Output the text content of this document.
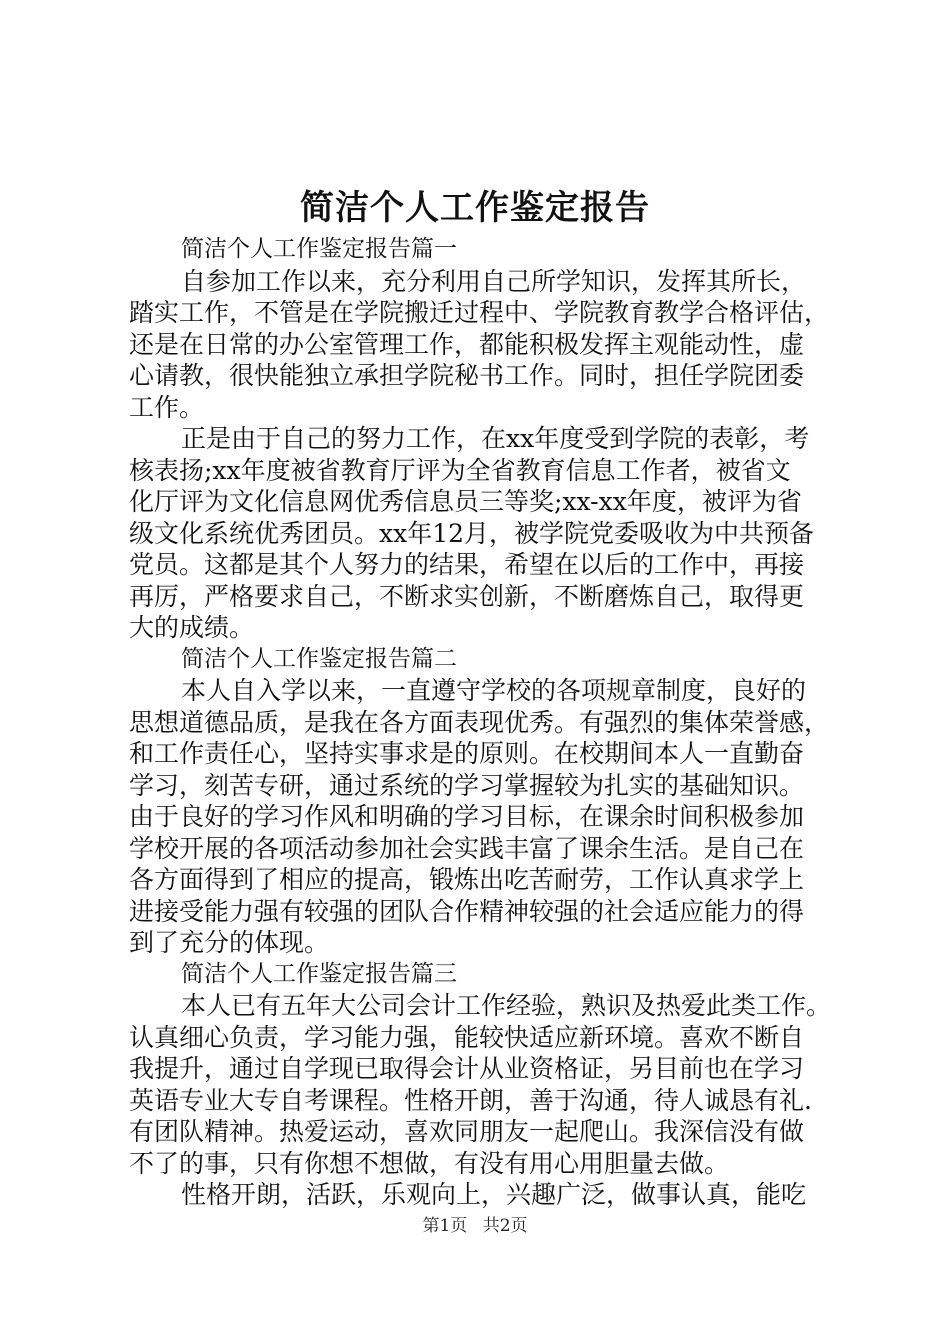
简洁个人工作鉴定报告
简洁个人工作鉴定报告篇一
自参加工作以来，充分利用自己所学知识，发挥其所长，
踏实工作，不管是在学院搬迁过程中、学院教育教学合格评估，
还是在日常的办公室管理工作，都能积极发挥主观能动性，虚
心请教，很快能独立承担学院秘书工作。同时，担任学院团委
工作。
正是由于自己的努力工作，在xx年度受到学院的表彰，考
核表扬;xx年度被省教育厅评为全省教育信息工作者，被省文
化厅评为文化信息网优秀信息员三等奖;xx-xx年度，被评为省
级文化系统优秀团员。xx年12月，被学院党委吸收为中共预备
党员。这都是其个人努力的结果，希望在以后的工作中，再接
再厉，严格要求自己，不断求实创新，不断磨炼自己，取得更
大的成绩。
简洁个人工作鉴定报告篇二
本人自入学以来，一直遵守学校的各项规章制度，良好的
思想道德品质，是我在各方面表现优秀。有强烈的集体荣誉感，
和工作责任心，坚持实事求是的原则。在校期间本人一直勤奋
学习，刻苦专研，通过系统的学习掌握较为扎实的基础知识。
由于良好的学习作风和明确的学习目标，在课余时间积极参加
学校开展的各项活动参加社会实践丰富了课余生活。是自己在
各方面得到了相应的提高，锻炼出吃苦耐劳，工作认真求学上
进接受能力强有较强的团队合作精神较强的社会适应能力的得
到了充分的体现。
简洁个人工作鉴定报告篇三
本人已有五年大公司会计工作经验，熟识及热爱此类工作。
认真细心负责，学习能力强，能较快适应新环境。喜欢不断自
我提升，通过自学现已取得会计从业资格证，另目前也在学习
英语专业大专自考课程。性格开朗，善于沟通，待人诚恳有礼.
有团队精神。热爱运动，喜欢同朋友一起爬山。我深信没有做
不了的事，只有你想不想做，有没有用心用胆量去做。
性格开朗，活跃，乐观向上，兴趣广泛，做事认真，能吃
第1页 共2页
